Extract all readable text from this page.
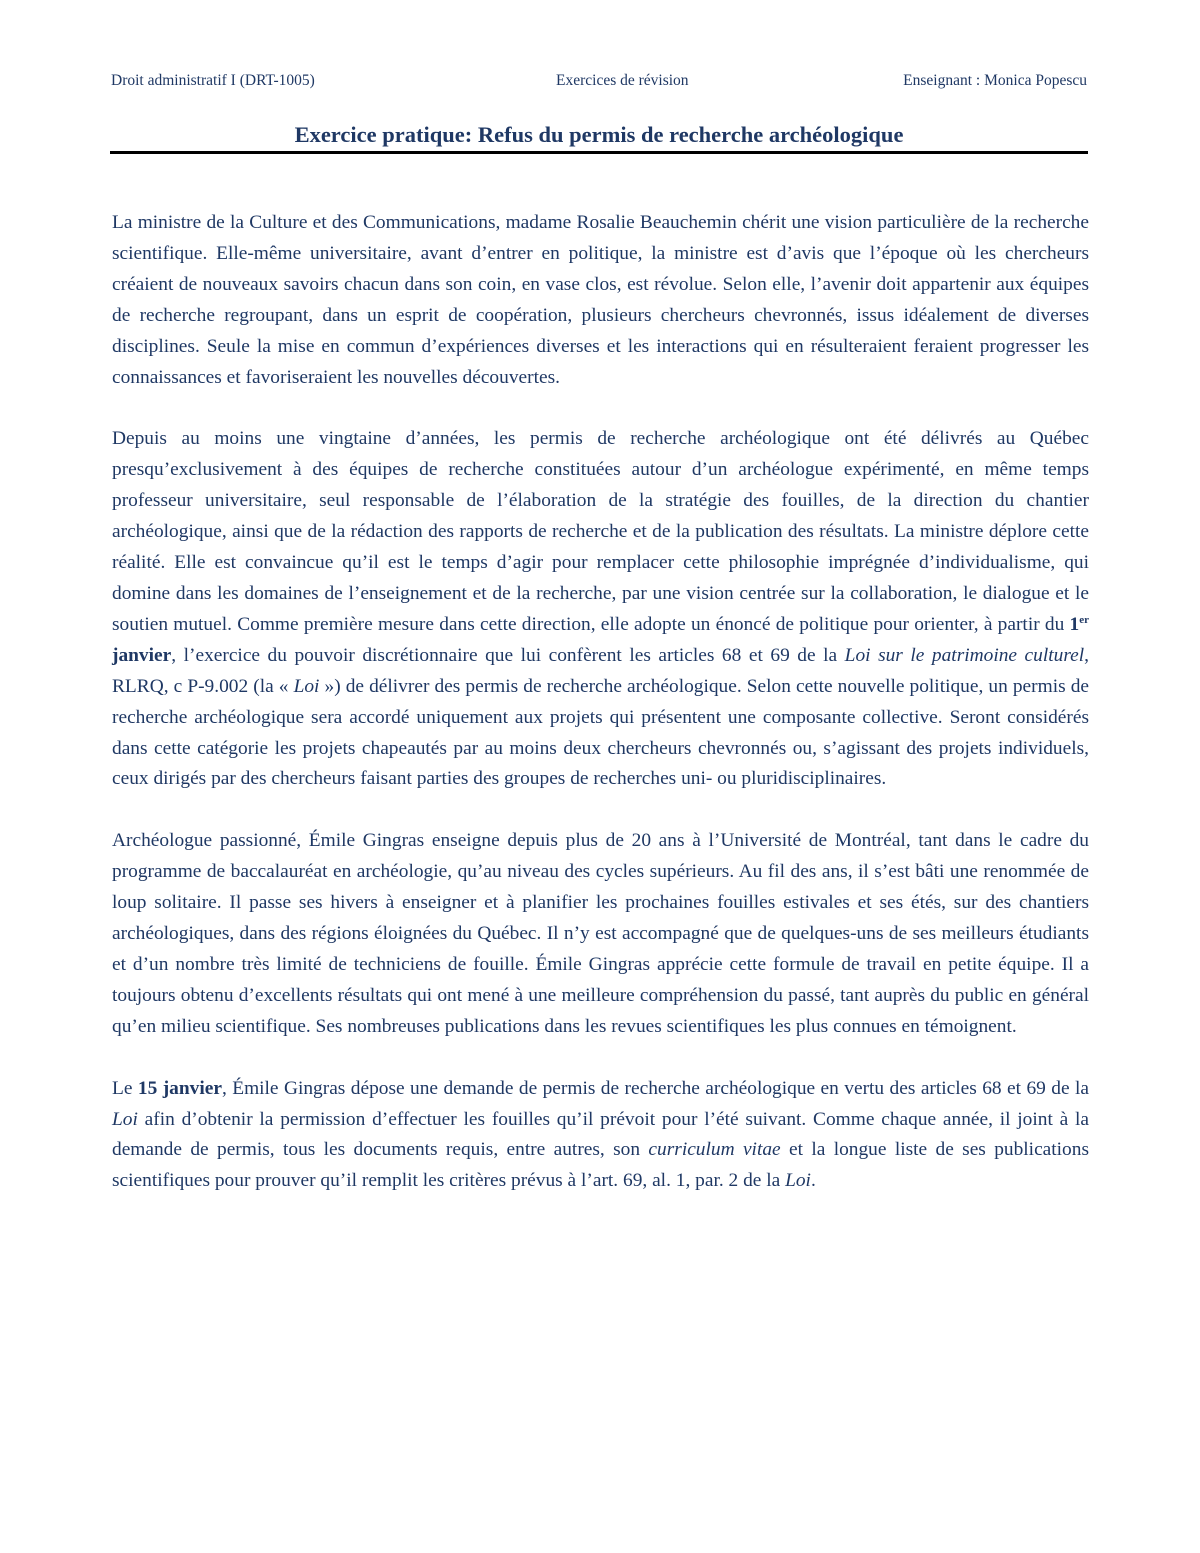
Droit administratif I (DRT-1005)	Exercices de révision	Enseignant : Monica Popescu
Exercice pratique: Refus du permis de recherche archéologique

La ministre de la Culture et des Communications, madame Rosalie Beauchemin chérit une vision particulière de la recherche scientifique. Elle-même universitaire, avant d’entrer en politique, la ministre est d’avis que l’époque où les chercheurs créaient de nouveaux savoirs chacun dans son coin, en vase clos, est révolue. Selon elle, l’avenir doit appartenir aux équipes de recherche regroupant, dans un esprit de coopération, plusieurs chercheurs chevronnés, issus idéalement de diverses disciplines. Seule la mise en commun d’expériences diverses et les interactions qui en résulteraient feraient progresser les connaissances et favoriseraient les nouvelles découvertes.

Depuis au moins une vingtaine d’années, les permis de recherche archéologique ont été délivrés au Québec presqu’exclusivement à des équipes de recherche constituées autour d’un archéologue expérimenté, en même temps professeur universitaire, seul responsable de l’élaboration de la stratégie des fouilles, de la direction du chantier archéologique, ainsi que de la rédaction des rapports de recherche et de la publication des résultats. La ministre déplore cette réalité. Elle est convaincue qu’il est le temps d’agir pour remplacer cette philosophie imprégnée d’individualisme, qui domine dans les domaines de l’enseignement et de la recherche, par une vision centrée sur la collaboration, le dialogue et le soutien mutuel. Comme première mesure dans cette direction, elle adopte un énoncé de politique pour orienter, à partir du 1er janvier, l’exercice du pouvoir discrétionnaire que lui confèrent les articles 68 et 69 de la Loi sur le patrimoine culturel, RLRQ, c P-9.002 (la « Loi ») de délivrer des permis de recherche archéologique. Selon cette nouvelle politique, un permis de recherche archéologique sera accordé uniquement aux projets qui présentent une composante collective. Seront considérés dans cette catégorie les projets chapeautés par au moins deux chercheurs chevronnés ou, s’agissant des projets individuels, ceux dirigés par des chercheurs faisant parties des groupes de recherches uni- ou pluridisciplinaires.

Archéologue passionné, Émile Gingras enseigne depuis plus de 20 ans à l’Université de Montréal, tant dans le cadre du programme de baccalauréat en archéologie, qu’au niveau des cycles supérieurs. Au fil des ans, il s’est bâti une renommée de loup solitaire. Il passe ses hivers à enseigner et à planifier les prochaines fouilles estivales et ses étés, sur des chantiers archéologiques, dans des régions éloignées du Québec. Il n’y est accompagné que de quelques-uns de ses meilleurs étudiants et d’un nombre très limité de techniciens de fouille. Émile Gingras apprécie cette formule de travail en petite équipe. Il a toujours obtenu d’excellents résultats qui ont mené à une meilleure compréhension du passé, tant auprès du public en général qu’en milieu scientifique. Ses nombreuses publications dans les revues scientifiques les plus connues en témoignent.

Le 15 janvier, Émile Gingras dépose une demande de permis de recherche archéologique en vertu des articles 68 et 69 de la Loi afin d’obtenir la permission d’effectuer les fouilles qu’il prévoit pour l’été suivant. Comme chaque année, il joint à la demande de permis, tous les documents requis, entre autres, son curriculum vitae et la longue liste de ses publications scientifiques pour prouver qu’il remplit les critères prévus à l’art. 69, al. 1, par. 2 de la Loi.
